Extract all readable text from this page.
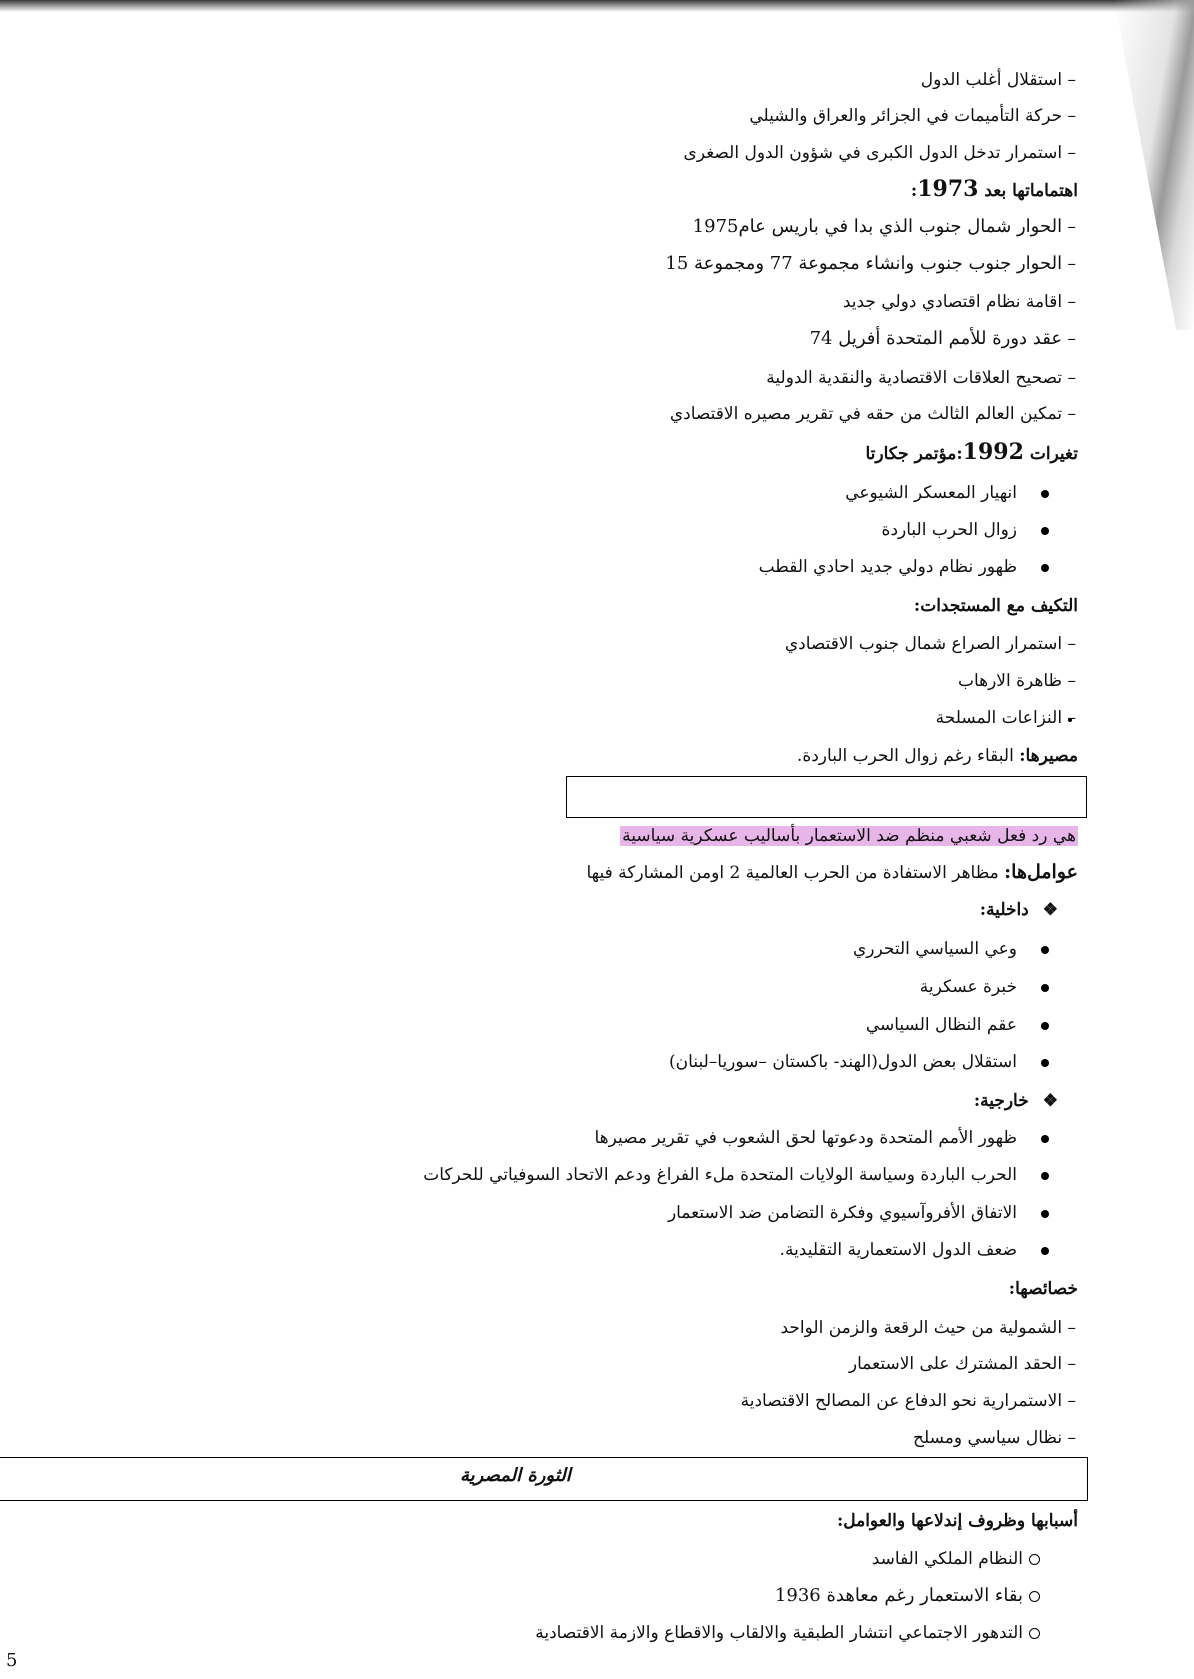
– استقلال أغلب الدول
– حركة التأميمات في الجزائر والعراق والشيلي
– استمرار تدخل الدول الكبرى في شؤون الدول الصغرى
اهتماماتها بعد 1973:
– الحوار شمال جنوب الذي بدا في باريس عام1975
– الحوار جنوب جنوب وانشاء مجموعة 77 ومجموعة 15
– اقامة نظام اقتصادي دولي جديد
– عقد دورة للأمم المتحدة أفريل 74
– تصحيح العلاقات الاقتصادية والنقدية الدولية
– تمكين العالم الثالث من حقه في تقرير مصيره الاقتصادي
تغيرات 1992:مؤتمر جكارتا
انهيار المعسكر الشيوعي
زوال الحرب الباردة
ظهور نظام دولي جديد احادي القطب
التكيف مع المستجدات:
– استمرار الصراع شمال جنوب الاقتصادي
– ظاهرة الارهاب
– النزاعات المسلحة
مصيرها: البقاء رغم زوال الحرب الباردة.
هي رد فعل شعبي منظم ضد الاستعمار بأساليب عسكرية سياسية
عوامل‌ها: مظاهر الاستفادة من الحرب العالمية 2 اومن المشاركة فيها
❖داخلية:
وعي السياسي التحرري
خبرة عسكرية
عقم النظال السياسي
استقلال بعض الدول(الهند- باكستان –سوريا–لبنان)
❖خارجية:
ظهور الأمم المتحدة ودعوتها لحق الشعوب في تقرير مصيرها
الحرب الباردة وسياسة الولايات المتحدة ملء الفراغ ودعم الاتحاد السوفياتي للحركات
الاتفاق الأفروآسيوي وفكرة التضامن ضد الاستعمار
ضعف الدول الاستعمارية التقليدية.
خصائصها:
– الشمولية من حيث الرقعة والزمن الواحد
– الحقد المشترك على الاستعمار
– الاستمرارية نحو الدفاع عن المصالح الاقتصادية
– نظال سياسي ومسلح
الثورة المصرية
أسبابها وظروف إندلاعها والعوامل:
النظام الملكي الفاسد
بقاء الاستعمار رغم معاهدة 1936
التدهور الاجتماعي انتشار الطبقية والالقاب والاقطاع والازمة الاقتصادية
5
